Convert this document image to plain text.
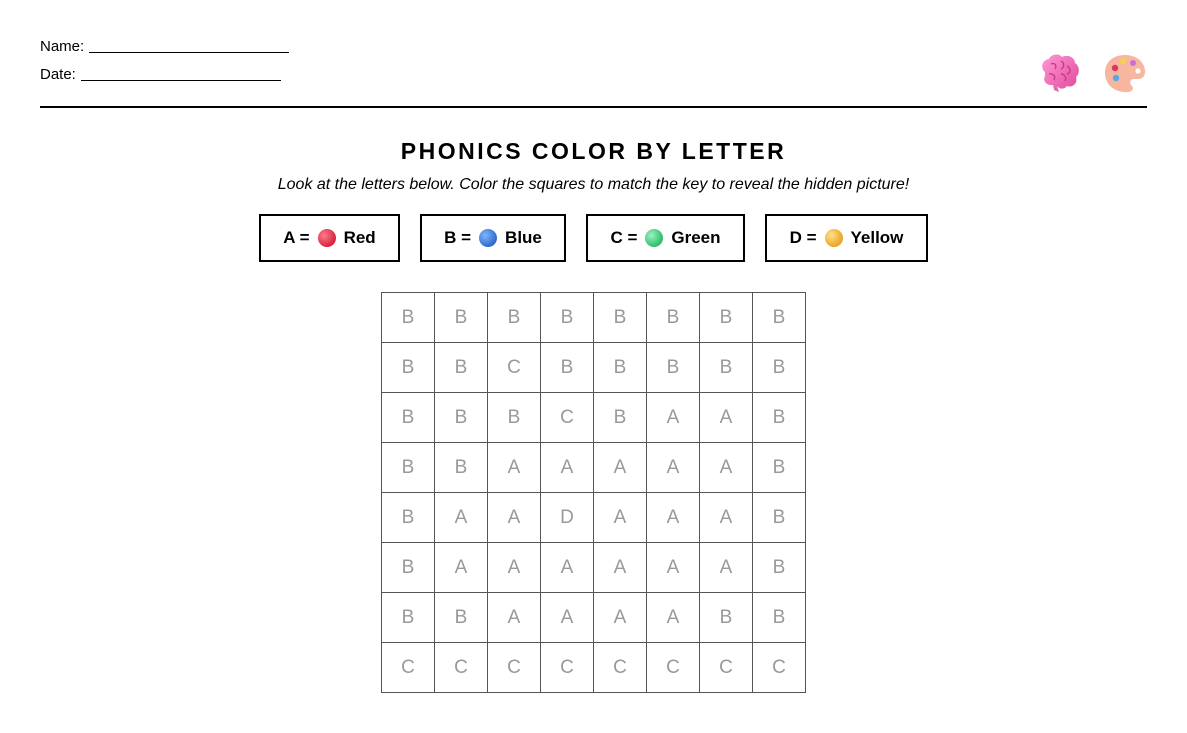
Name:
Date:
PHONICS COLOR BY LETTER
Look at the letters below. Color the squares to match the key to reveal the hidden picture!
A = Red	B = Blue	C = Green	D = Yellow
B	B	B	B	B	B	B	B
B	B	C	B	B	B	B	B
B	B	B	C	B	A	A	B
B	B	A	A	A	A	A	B
B	A	A	D	A	A	A	B
B	A	A	A	A	A	A	B
B	B	A	A	A	A	B	B
C	C	C	C	C	C	C	C
